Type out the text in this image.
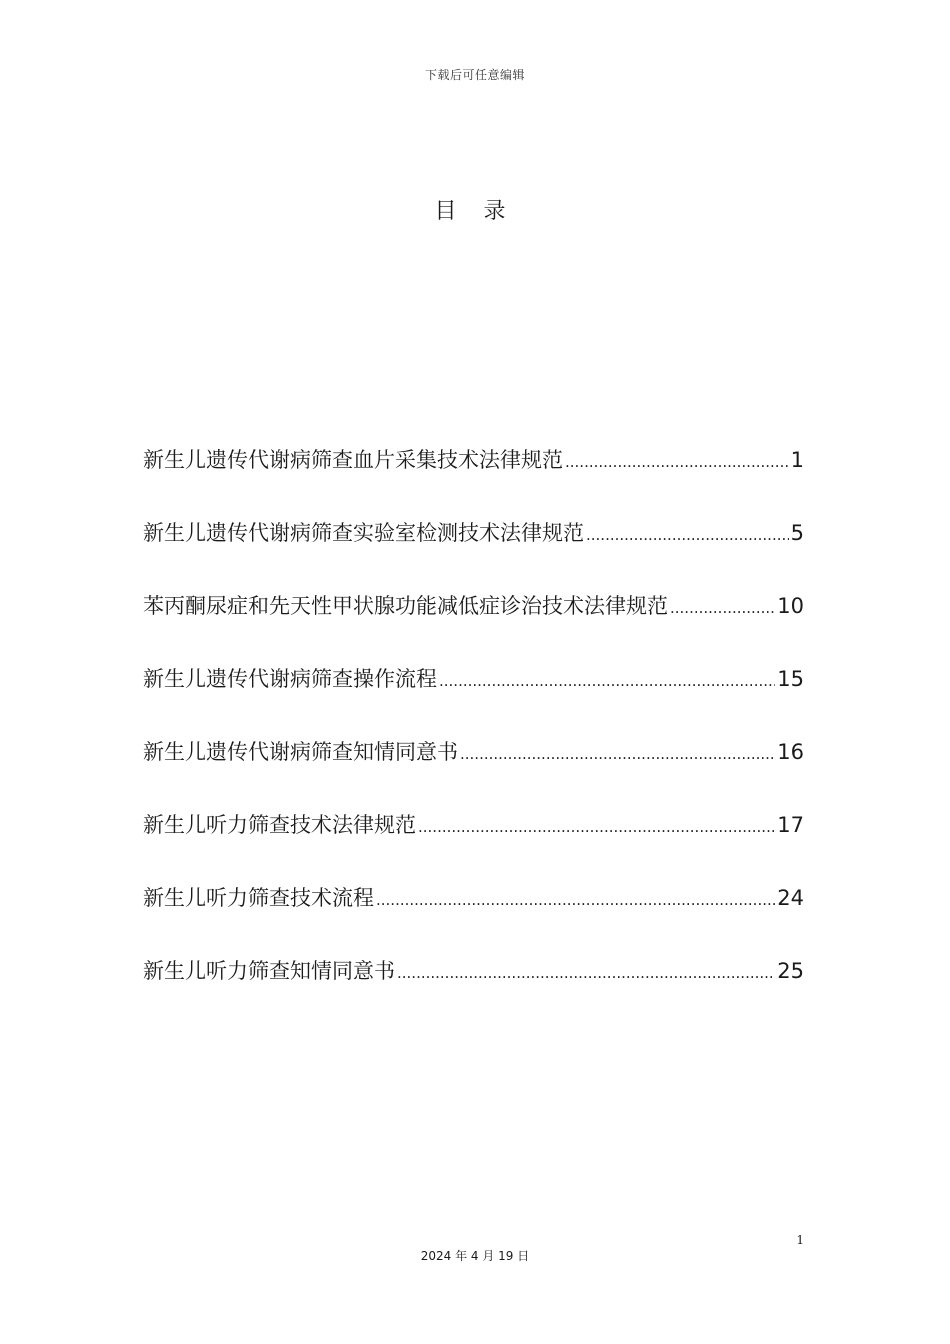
下载后可任意编辑
目 录
新生儿遗传代谢病筛查血片采集技术法律规范 .....	1
新生儿遗传代谢病筛查实验室检测技术法律规范 .....	5
苯丙酮尿症和先天性甲状腺功能减低症诊治技术法律规范 .....	10
新生儿遗传代谢病筛查操作流程 .....	15
新生儿遗传代谢病筛查知情同意书 .....	16
新生儿听力筛查技术法律规范 .....	17
新生儿听力筛查技术流程 .....	24
新生儿听力筛查知情同意书 .....	25
1
2024 年 4 月 19 日
